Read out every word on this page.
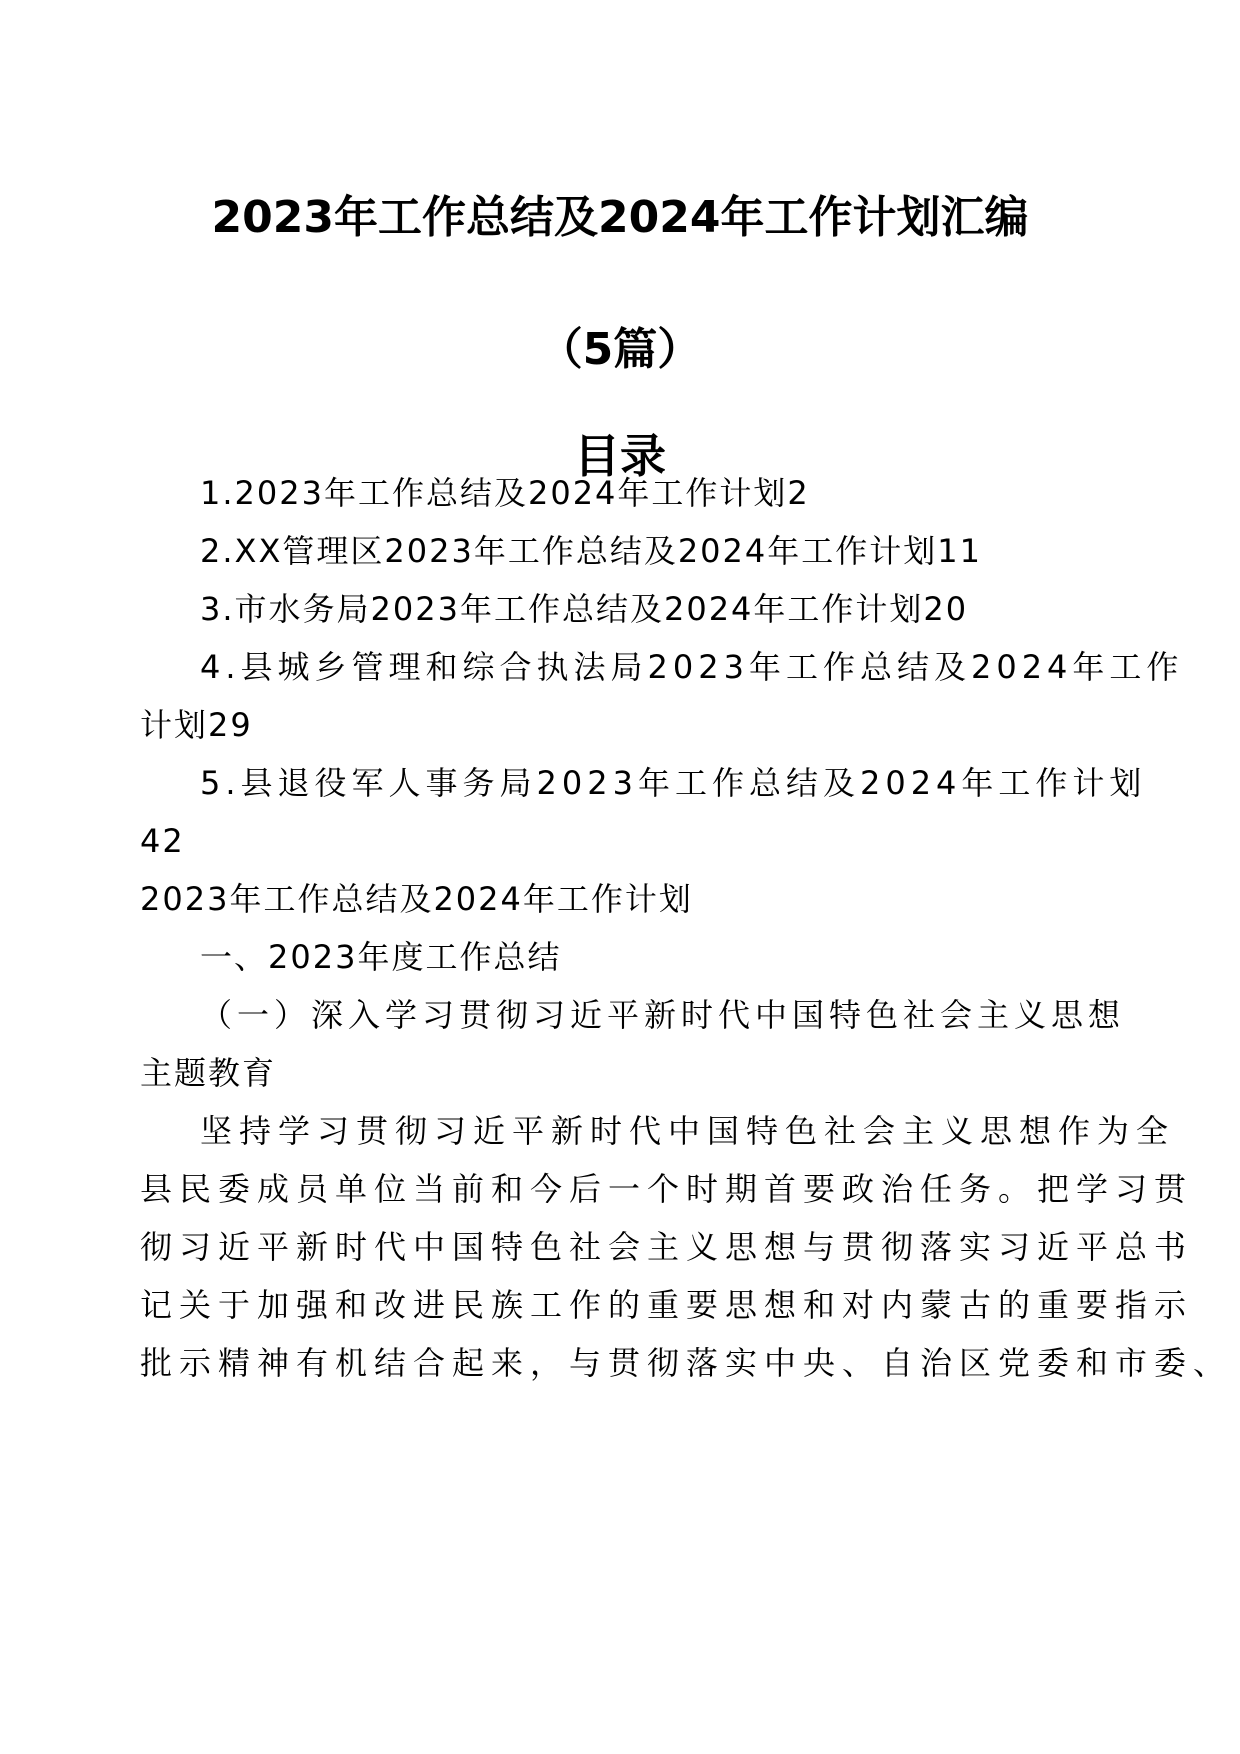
2023年工作总结及2024年工作计划汇编
（5篇）
目录
1.2023年工作总结及2024年工作计划2
2.XX管理区2023年工作总结及2024年工作计划11
3.市水务局2023年工作总结及2024年工作计划20
4.县城乡管理和综合执法局2023年工作总结及2024年工作
计划29
5.县退役军人事务局2023年工作总结及2024年工作计划
42
2023年工作总结及2024年工作计划
一、2023年度工作总结
（一）深入学习贯彻习近平新时代中国特色社会主义思想
主题教育
坚持学习贯彻习近平新时代中国特色社会主义思想作为全
县民委成员单位当前和今后一个时期首要政治任务。把学习贯
彻习近平新时代中国特色社会主义思想与贯彻落实习近平总书
记关于加强和改进民族工作的重要思想和对内蒙古的重要指示
批示精神有机结合起来，与贯彻落实中央、自治区党委和市委、
